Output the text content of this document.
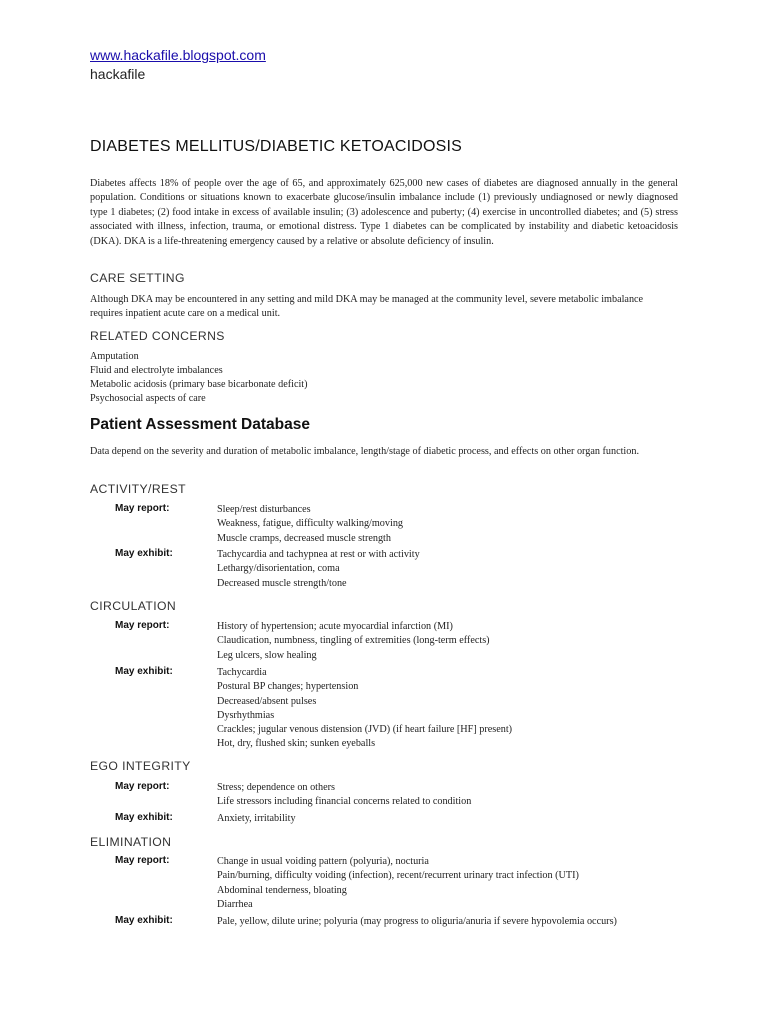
www.hackafile.blogspot.com
hackafile
DIABETES MELLITUS/DIABETIC KETOACIDOSIS

Diabetes affects 18% of people over the age of 65, and approximately 625,000 new cases of diabetes are diagnosed annually in the general population. Conditions or situations known to exacerbate glucose/insulin imbalance include (1) previously undiagnosed or newly diagnosed type 1 diabetes; (2) food intake in excess of available insulin; (3) adolescence and puberty; (4) exercise in uncontrolled diabetes; and (5) stress associated with illness, infection, trauma, or emotional distress. Type 1 diabetes can be complicated by instability and diabetic ketoacidosis (DKA). DKA is a life-threatening emergency caused by a relative or absolute deficiency of insulin.

CARE SETTING

Although DKA may be encountered in any setting and mild DKA may be managed at the community level, severe metabolic imbalance requires inpatient acute care on a medical unit.

RELATED CONCERNS
Amputation
Fluid and electrolyte imbalances
Metabolic acidosis (primary base bicarbonate deficit)
Psychosocial aspects of care
Patient Assessment Database

Data depend on the severity and duration of metabolic imbalance, length/stage of diabetic process, and effects on other organ function.

ACTIVITY/REST
May report:	Sleep/rest disturbances
Weakness, fatigue, difficulty walking/moving
Muscle cramps, decreased muscle strength
May exhibit:	Tachycardia and tachypnea at rest or with activity
Lethargy/disorientation, coma
Decreased muscle strength/tone
CIRCULATION
May report:	History of hypertension; acute myocardial infarction (MI)
Claudication, numbness, tingling of extremities (long-term effects)
Leg ulcers, slow healing
May exhibit:	Tachycardia
Postural BP changes; hypertension
Decreased/absent pulses
Dysrhythmias
Crackles; jugular venous distension (JVD) (if heart failure [HF] present)
Hot, dry, flushed skin; sunken eyeballs
EGO INTEGRITY
May report:	Stress; dependence on others
Life stressors including financial concerns related to condition
May exhibit:	Anxiety, irritability
ELIMINATION
May report:	Change in usual voiding pattern (polyuria), nocturia
Pain/burning, difficulty voiding (infection), recent/recurrent urinary tract infection (UTI)
Abdominal tenderness, bloating
Diarrhea
May exhibit:	Pale, yellow, dilute urine; polyuria (may progress to oliguria/anuria if severe hypovolemia occurs)
